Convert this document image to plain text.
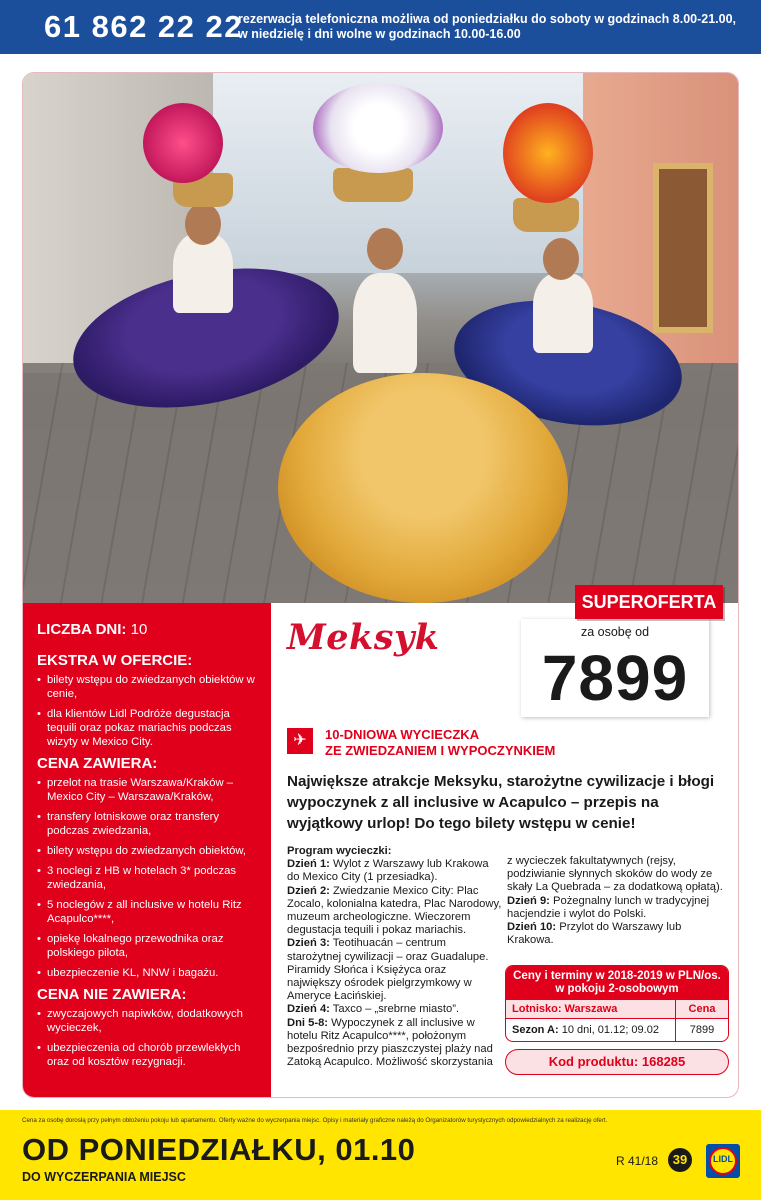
61 862 22 22
rezerwacja telefoniczna możliwa od poniedziałku do soboty w godzinach 8.00-21.00,
w niedzielę i dni wolne w godzinach 10.00-16.00
LICZBA DNI: 10
EKSTRA W OFERCIE:
• bilety wstępu do zwiedzanych obiektów w cenie,
• dla klientów Lidl Podróże degustacja tequili oraz pokaz mariachis podczas wizyty w Mexico City.
CENA ZAWIERA:
• przelot na trasie Warszawa/Kraków – Mexico City – Warszawa/Kraków,
• transfery lotniskowe oraz transfery podczas zwiedzania,
• bilety wstępu do zwiedzanych obiektów,
• 3 noclegi z HB w hotelach 3* podczas zwiedzania,
• 5 noclegów z all inclusive w hotelu Ritz Acapulco****,
• opiekę lokalnego przewodnika oraz polskiego pilota,
• ubezpieczenie KL, NNW i bagażu.
CENA NIE ZAWIERA:
• zwyczajowych napiwków, dodatkowych wycieczek,
• ubezpieczenia od chorób przewlekłych oraz od kosztów rezygnacji.
Meksyk	za osobę od
7899
SUPEROFERTA
✈	10-DNIOWA WYCIECZKA
ZE ZWIEDZANIEM I WYPOCZYNKIEM
Największe atrakcje Meksyku, starożytne cywilizacje i błogi wypoczynek z all inclusive w Acapulco – przepis na wyjątkowy urlop! Do tego bilety wstępu w cenie!
Program wycieczki:
Dzień 1: Wylot z Warszawy lub Krakowa do Mexico City (1 przesiadka).
Dzień 2: Zwiedzanie Mexico City: Plac Zocalo, kolonialna katedra, Plac Narodowy, muzeum archeologiczne. Wieczorem degustacja tequili i pokaz mariachis.
Dzień 3: Teotihuacán – centrum starożytnej cywilizacji – oraz Guadalupe. Piramidy Słońca i Księżyca oraz największy ośrodek pielgrzymkowy w Ameryce Łacińskiej.
Dzień 4: Taxco – „srebrne miasto”.
Dni 5-8: Wypoczynek z all inclusive w hotelu Ritz Acapulco****, położonym bezpośrednio przy piaszczystej plaży nad Zatoką Acapulco. Możliwość skorzystania
z wycieczek fakultatywnych (rejsy, podziwianie słynnych skoków do wody ze skały La Quebrada – za dodatkową opłatą).
Dzień 9: Pożegnalny lunch w tradycyjnej hacjendzie i wylot do Polski.
Dzień 10: Przylot do Warszawy lub Krakowa.
Ceny i terminy w 2018-2019 w PLN/os. w pokoju 2-osobowym
Lotnisko: Warszawa	Cena
Sezon A: 10 dni, 01.12; 09.02	7899
Kod produktu: 168285
Cena za osobę dorosłą przy pełnym obłożeniu pokoju lub apartamentu. Oferty ważne do wyczerpania miejsc. Opisy i materiały graficzne należą do Organizatorów turystycznych odpowiedzialnych za realizację ofert.
OD PONIEDZIAŁKU, 01.10
DO WYCZERPANIA MIEJSC
R 41/18	39	LIDL
